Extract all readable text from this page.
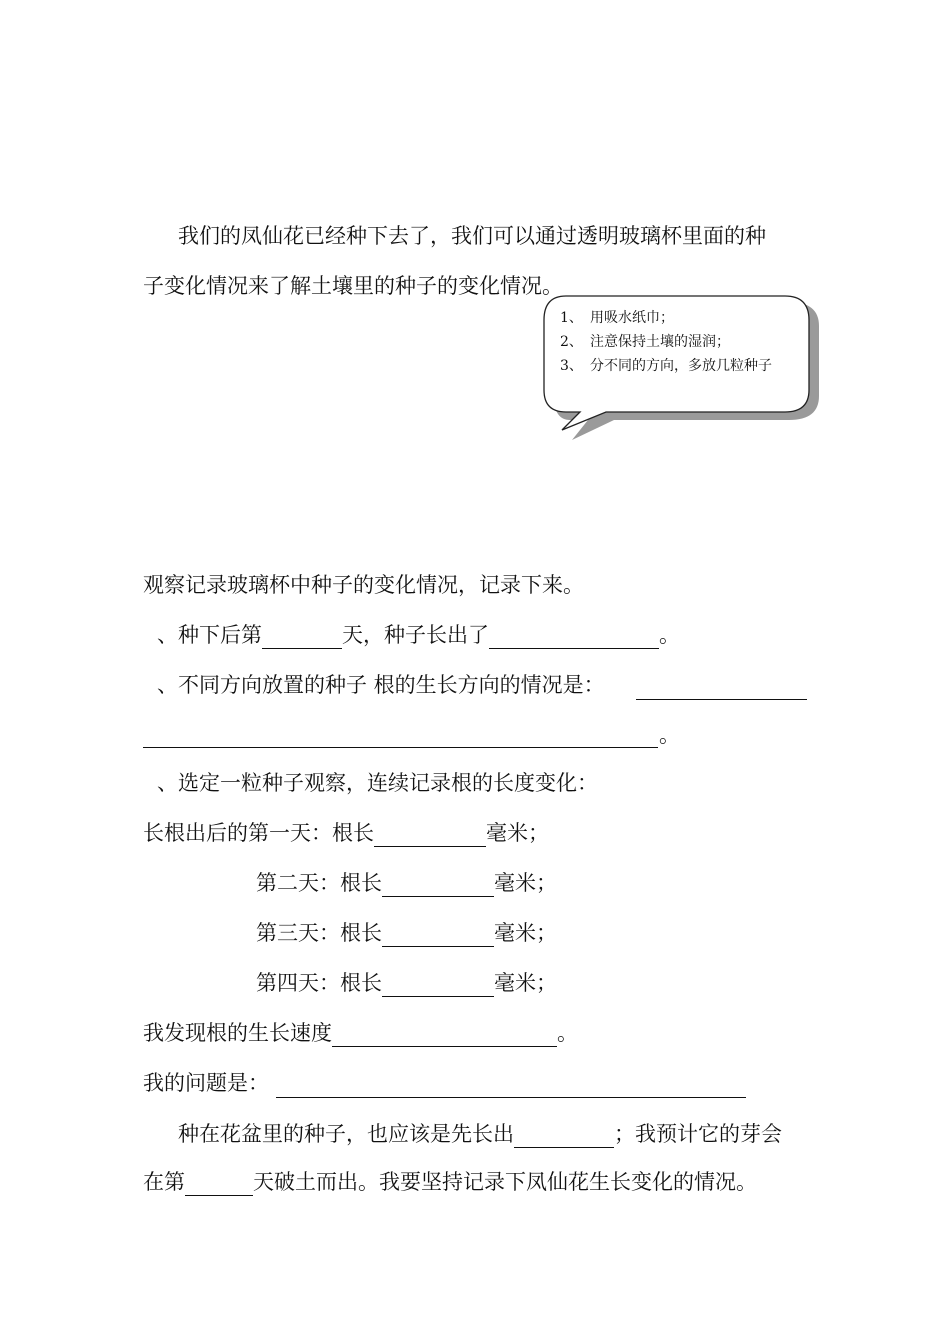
我们的凤仙花已经种下去了，我们可以通过透明玻璃杯里面的种
子变化情况来了解土壤里的种子的变化情况。
1、 用吸水纸巾；
2、 注意保持土壤的湿润；
3、 分不同的方向，多放几粒种子
观察记录玻璃杯中种子的变化情况，记录下来。
、种下后第	天，种子长出了	。
、不同方向放置的种子 根的生长方向的情况是：
。
、选定一粒种子观察，连续记录根的长度变化：
长根出后的第一天：根长	毫米；
第二天：根长	毫米；
第三天：根长	毫米；
第四天：根长	毫米；
我发现根的生长速度	。
我的问题是：
种在花盆里的种子，也应该是先长出	；我预计它的芽会
在第	天破土而出。我要坚持记录下凤仙花生长变化的情况。
